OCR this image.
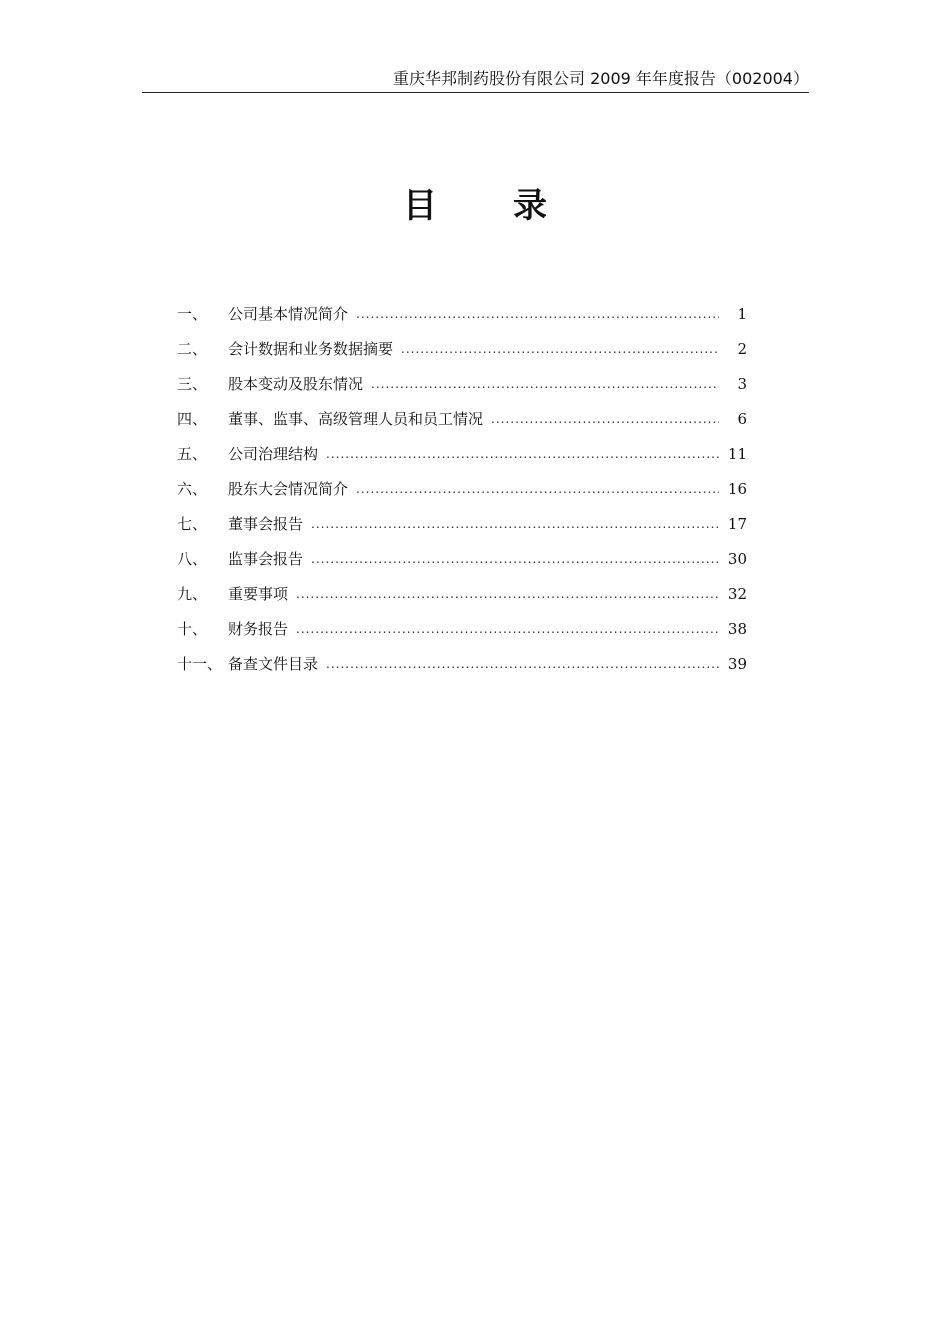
重庆华邦制药股份有限公司 2009 年年度报告（002004）
目 录
一、	公司基本情况简介 .....	1
二、	会计数据和业务数据摘要 .....	2
三、	股本变动及股东情况 .....	3
四、	董事、监事、高级管理人员和员工情况 .....	6
五、	公司治理结构 .....	11
六、	股东大会情况简介 .....	16
七、	董事会报告 .....	17
八、	监事会报告 .....	30
九、	重要事项 .....	32
十、	财务报告 .....	38
十一、 备查文件目录 .....	39
